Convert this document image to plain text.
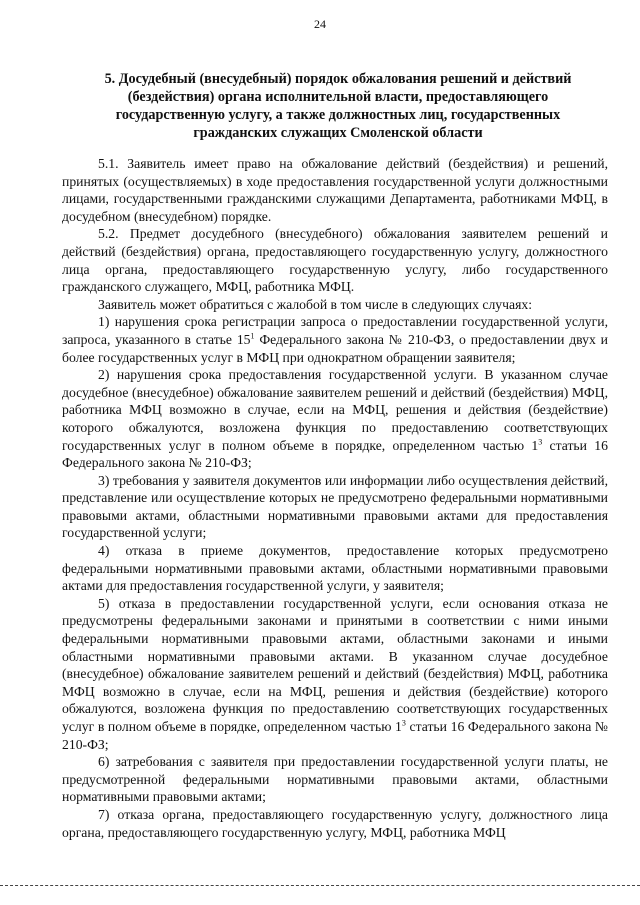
24
5. Досудебный (внесудебный) порядок обжалования решений и действий (бездействия) органа исполнительной власти, предоставляющего государственную услугу, а также должностных лиц, государственных гражданских служащих Смоленской области

5.1. Заявитель имеет право на обжалование действий (бездействия) и решений, принятых (осуществляемых) в ходе предоставления государственной услуги должностными лицами, государственными гражданскими служащими Департамента, работниками МФЦ, в досудебном (внесудебном) порядке.

5.2. Предмет досудебного (внесудебного) обжалования заявителем решений и действий (бездействия) органа, предоставляющего государственную услугу, должностного лица органа, предоставляющего государственную услугу, либо государственного гражданского служащего, МФЦ, работника МФЦ.

Заявитель может обратиться с жалобой в том числе в следующих случаях:

1) нарушения срока регистрации запроса о предоставлении государственной услуги, запроса, указанного в статье $15^1$ Федерального закона № 210-ФЗ, о предоставлении двух и более государственных услуг в МФЦ при однократном обращении заявителя;

2) нарушения срока предоставления государственной услуги. В указанном случае досудебное (внесудебное) обжалование заявителем решений и действий (бездействия) МФЦ, работника МФЦ возможно в случае, если на МФЦ, решения и действия (бездействие) которого обжалуются, возложена функция по предоставлению соответствующих государственных услуг в полном объеме в порядке, определенном частью $1^3$ статьи 16 Федерального закона № 210-ФЗ;

3) требования у заявителя документов или информации либо осуществления действий, представление или осуществление которых не предусмотрено федеральными нормативными правовыми актами, областными нормативными правовыми актами для предоставления государственной услуги;

4) отказа в приеме документов, предоставление которых предусмотрено федеральными нормативными правовыми актами, областными нормативными правовыми актами для предоставления государственной услуги, у заявителя;

5) отказа в предоставлении государственной услуги, если основания отказа не предусмотрены федеральными законами и принятыми в соответствии с ними иными федеральными нормативными правовыми актами, областными законами и иными областными нормативными правовыми актами. В указанном случае досудебное (внесудебное) обжалование заявителем решений и действий (бездействия) МФЦ, работника МФЦ возможно в случае, если на МФЦ, решения и действия (бездействие) которого обжалуются, возложена функция по предоставлению соответствующих государственных услуг в полном объеме в порядке, определенном частью $1^3$ статьи 16 Федерального закона № 210-ФЗ;

6) затребования с заявителя при предоставлении государственной услуги платы, не предусмотренной федеральными нормативными правовыми актами, областными нормативными правовыми актами;

7) отказа органа, предоставляющего государственную услугу, должностного лица органа, предоставляющего государственную услугу, МФЦ, работника МФЦ
